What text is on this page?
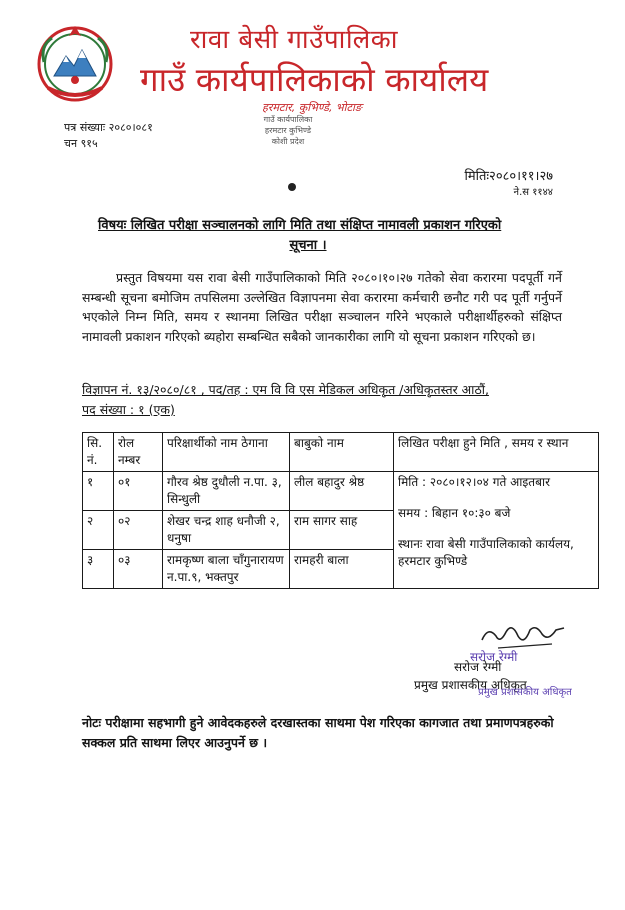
रावा बेसी गाउँपालिका
गाउँ कार्यपालिकाको कार्यालय
हरमटार, कुभिण्डे, भोटाङ
पत्र संख्याः २०८०।०८१
चन ९१५
गाउँ कार्यपालिका
हरमटार कुभिण्डे
कोशी प्रदेश
मितिः२०८०।११।२७
ने.स ११४४
विषयः लिखित परीक्षा सञ्चालनको लागि मिति तथा संक्षिप्त नामावली प्रकाशन गरिएको
सूचना ।
प्रस्तुत विषयमा यस रावा बेसी गाउँपालिकाको मिति २०८०।१०।२७ गतेको सेवा करारमा पदपूर्ती गर्ने सम्बन्धी सूचना बमोजिम तपसिलमा उल्लेखित विज्ञापनमा सेवा करारमा कर्मचारी छनौट गरी पद पूर्ती गर्नुपर्ने भएकोले निम्न मिति, समय र स्थानमा लिखित परीक्षा सञ्चालन गरिने भएकाले परीक्षार्थीहरुको संक्षिप्त नामावली प्रकाशन गरिएको ब्यहोरा सम्बन्धित सबैको जानकारीका लागि यो सूचना प्रकाशन गरिएको छ।
विज्ञापन नं. १३/२०८०/८१ , पद/तह : एम वि वि एस मेडिकल अधिकृत /अधिकृतस्तर आठौं,
पद संख्या : १ (एक)
सि. नं.	रोल नम्बर	परिक्षार्थीको नाम ठेगाना	बाबुको नाम	लिखित परीक्षा हुने मिति , समय र स्थान
१	०१	गौरव श्रेष्ठ दुधौली न.पा. ३, सिन्धुली	लील बहादुर श्रेष्ठ	मिति : २०८०।१२।०४ गते आइतबार
समय : बिहान १०:३० बजे
स्थानः रावा बेसी गाउँपालिकाको कार्यलय, हरमटार कुभिण्डे

२	०२	शेखर चन्द्र शाह धनौजी २, धनुषा	राम सागर साह	
३	०३	रामकृष्ण बाला चाँगुनारायण न.पा.९, भक्तपुर	रामहरी बाला	
सरोज रेग्मी
सरोज रेग्मी
प्रमुख प्रशासकीय अधिकृत
प्रमुख प्रशासकीय अधिकृत
नोटः परीक्षामा सहभागी हुने आवेदकहरुले दरखास्तका साथमा पेश गरिएका कागजात तथा प्रमाणपत्रहरुको सक्कल प्रति साथमा लिएर आउनुपर्ने छ ।
